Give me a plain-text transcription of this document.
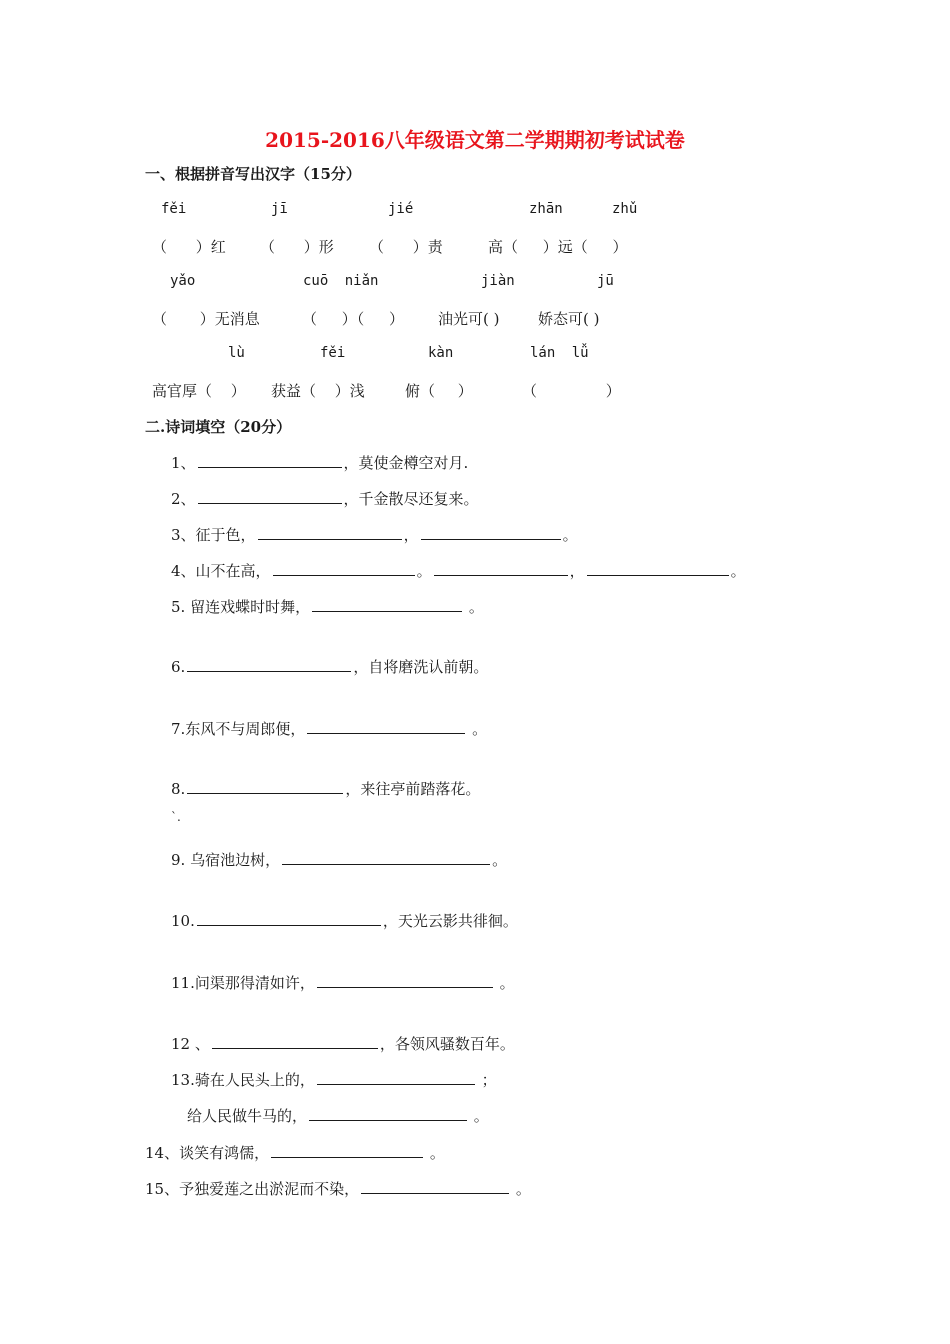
2015-2016八年级语文第二学期期初考试试卷
一、根据拼音写出汉字（15分）
fěi	jī	jié	zhān	zhǔ
（ ）红 （ ）形 （ ）责	高（ ）远（ ）
yǎo	cuō niǎn	jiàn	jū
（ ）无消息	（ ）（ ） 油光可( )	娇态可( )
lù	fěi	kàn	lán lǚ
高官厚（ ） 获益（ ）浅	俯（ ）	（ ）
二.诗词填空（20分）
1、	，莫使金樽空对月.
2、	，千金散尽还复来。
3、征于色，	，	。
4、山不在高，	。	，	。
5. 留连戏蝶时时舞，	。
6.	，自将磨洗认前朝。
7.东风不与周郎便，	。
8.	，来往亭前踏落花。
`.
9. 乌宿池边树，	。
10.	，天光云影共徘徊。
11.问渠那得清如许，	。
12 、	，各领风骚数百年。
13.骑在人民头上的，	；
给人民做牛马的，	。
14、谈笑有鸿儒，	。
15、予独爱莲之出淤泥而不染，	。
